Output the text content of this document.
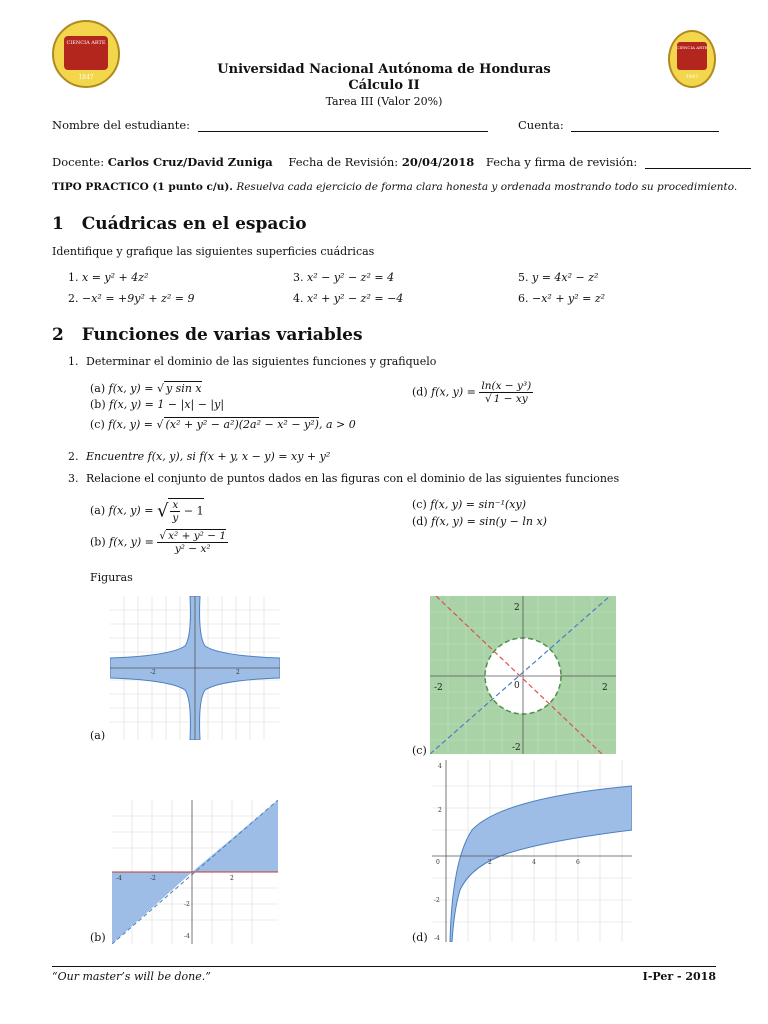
CIENCIA ARTE
1847
CIENCIA ARTE
1847
Universidad Nacional Autónoma de Honduras
Cálculo II
Tarea III (Valor 20%)
Nombre del estudiante:	Cuenta:
Docente: Carlos Cruz/David Zuniga Fecha de Revisión: 20/04/2018 Fecha y firma de revisión:
TIPO PRACTICO (1 punto c/u). Resuelva cada ejercicio de forma clara honesta y ordenada mostrando todo su procedimiento.
1 Cuádricas en el espacio
Identifique y grafique las siguientes superficies cuádricas
1. x = y² + 4z²
2. −x² = +9y² + z² = 9
3. x² − y² − z² = 4
4. x² + y² − z² = −4
5. y = 4x² − z²
6. −x² + y² = z²
2 Funciones de varias variables
1. Determinar el dominio de las siguientes funciones y grafiquelo
(a) f(x, y) = √ y sin x
(b) f(x, y) = 1 − |x| − |y|
(c) f(x, y) = √ (x² + y² − a²)(2a² − x² − y²), a > 0
(d) f(x, $y) = \frac{\text{ln(x − y³)}}{√ 1 - xy}$
2. Encuentre f(x, y), si f(x + y, x − y) = xy + y²
3. Relacione el conjunto de puntos dados en las figuras con el dominio de las siguientes funciones
(a) f(x, y) = √ $\frac{x}{y} - 1$
(b) f(x, $y) = \frac{\text{√ x² + y² − 1}}{\text{y² − x²}}$
(c) f(x, y) = sin⁻¹(xy)
(d) f(x, y) = sin(y − ln x)
Figuras
-2	2
(a)
2
-2	0	2
-2
(c)
-4	-2	2
-2
-4
(b)
4
2
0	2	4	6
-2
-4
(d)
“Our master’s will be done.”	I-Per - 2018
